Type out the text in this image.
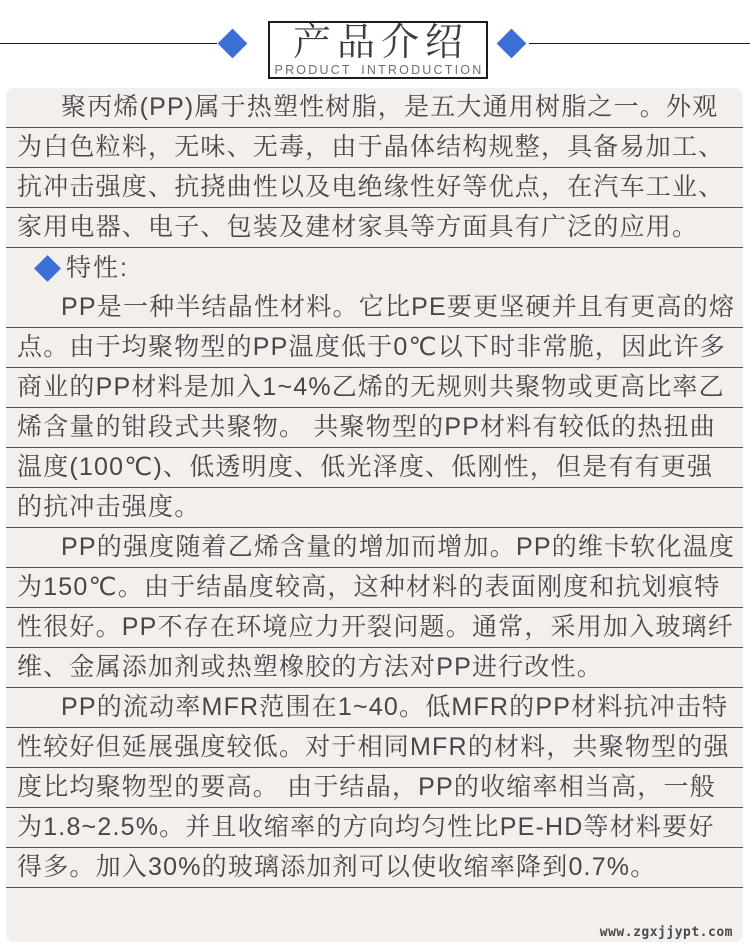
产品介绍
PRODUCT INTRODUCTION
聚丙烯(PP)属于热塑性树脂，是五大通用树脂之一。外观
为白色粒料，无味、无毒，由于晶体结构规整，具备易加工、
抗冲击强度、抗挠曲性以及电绝缘性好等优点，在汽车工业、
家用电器、电子、包装及建材家具等方面具有广泛的应用。
特性:
PP是一种半结晶性材料。它比PE要更坚硬并且有更高的熔
点。由于均聚物型的PP温度低于0℃以下时非常脆，因此许多
商业的PP材料是加入1~4%乙烯的无规则共聚物或更高比率乙
烯含量的钳段式共聚物。 共聚物型的PP材料有较低的热扭曲
温度(100℃)、低透明度、低光泽度、低刚性，但是有有更强
的抗冲击强度。
PP的强度随着乙烯含量的增加而增加。PP的维卡软化温度
为150℃。由于结晶度较高，这种材料的表面刚度和抗划痕特
性很好。PP不存在环境应力开裂问题。通常，采用加入玻璃纤
维、金属添加剂或热塑橡胶的方法对PP进行改性。
PP的流动率MFR范围在1~40。低MFR的PP材料抗冲击特
性较好但延展强度较低。对于相同MFR的材料，共聚物型的强
度比均聚物型的要高。 由于结晶，PP的收缩率相当高，一般
为1.8~2.5%。并且收缩率的方向均匀性比PE-HD等材料要好
得多。加入30%的玻璃添加剂可以使收缩率降到0.7%。
www.zgxjjypt.com
